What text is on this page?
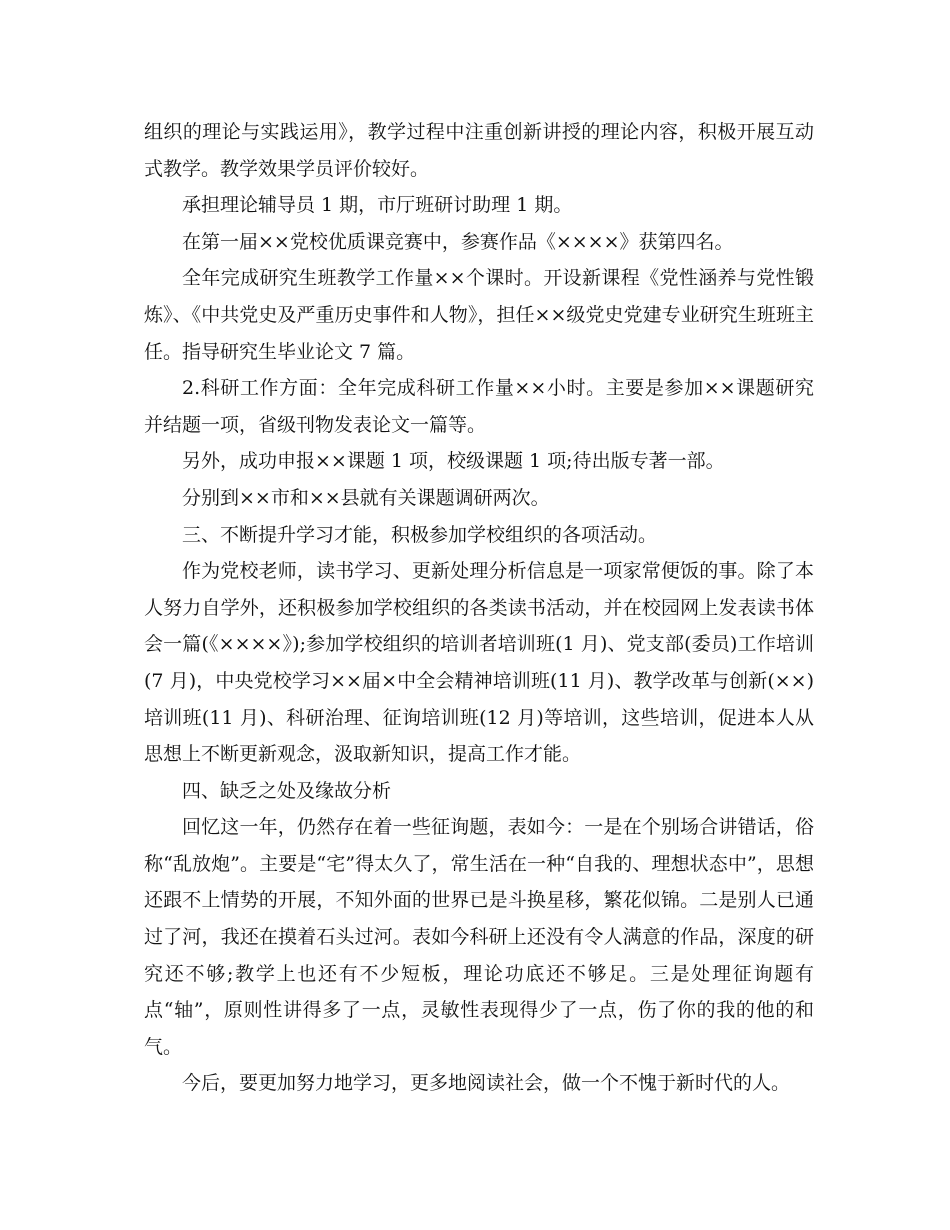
组织的理论与实践运用》，教学过程中注重创新讲授的理论内容，积极开展互动式教学。教学效果学员评价较好。

承担理论辅导员 1 期，市厅班研讨助理 1 期。

在第一届××党校优质课竞赛中，参赛作品《××××》获第四名。

全年完成研究生班教学工作量××个课时。开设新课程《党性涵养与党性锻炼》、《中共党史及严重历史事件和人物》，担任××级党史党建专业研究生班班主任。指导研究生毕业论文 7 篇。

2.科研工作方面：全年完成科研工作量××小时。主要是参加××课题研究并结题一项，省级刊物发表论文一篇等。

另外，成功申报××课题 1 项，校级课题 1 项;待出版专著一部。

分别到××市和××县就有关课题调研两次。

三、不断提升学习才能，积极参加学校组织的各项活动。

作为党校老师，读书学习、更新处理分析信息是一项家常便饭的事。除了本人努力自学外，还积极参加学校组织的各类读书活动，并在校园网上发表读书体会一篇(《××××》);参加学校组织的培训者培训班(1 月)、党支部(委员)工作培训(7 月)，中央党校学习××届×中全会精神培训班(11 月)、教学改革与创新(××)培训班(11 月)、科研治理、征询培训班(12 月)等培训，这些培训，促进本人从思想上不断更新观念，汲取新知识，提高工作才能。

四、缺乏之处及缘故分析

回忆这一年，仍然存在着一些征询题，表如今：一是在个别场合讲错话，俗称“乱放炮”。主要是“宅”得太久了，常生活在一种“自我的、理想状态中”，思想还跟不上情势的开展，不知外面的世界已是斗换星移，繁花似锦。二是别人已通过了河，我还在摸着石头过河。表如今科研上还没有令人满意的作品，深度的研究还不够;教学上也还有不少短板，理论功底还不够足。三是处理征询题有点“轴”，原则性讲得多了一点，灵敏性表现得少了一点，伤了你的我的他的和气。

今后，要更加努力地学习，更多地阅读社会，做一个不愧于新时代的人。
